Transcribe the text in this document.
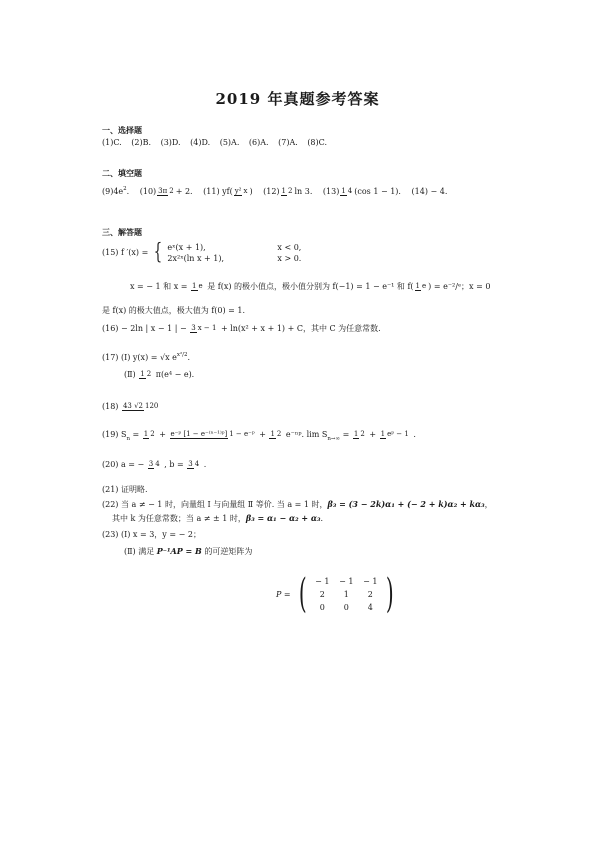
2019 年真题参考答案
一、选择题
(1)C. (2)B. (3)D. (4)D. (5)A. (6)A. (7)A. (8)C.
二、填空题
(9)4e2. (10) 3π 2 + 2. (11) yf( y² x ) (12) 1 2 ln 3. (13) 1 4 (cos 1 − 1). (14) − 4.
三、解答题
(15) f ′(x) = { eˣ(x + 1),	x < 0,
2x²ˣ(ln x + 1),	x > 0.
x = − 1 和 x = 1 e 是 f(x) 的极小值点，极小值分别为 f(−1) = 1 − e⁻¹ 和 f( 1 e ) = e⁻²/ᵉ；x = 0
是 f(x) 的极大值点，极大值为 f(0) = 1.
(16) − 2ln | x − 1 | − 3 x − 1 + ln(x² + x + 1) + C，其中 C 为任意常数.
(17) (Ⅰ) y(x) = √x ex²/2.
(Ⅱ) 1 2 π(e⁴ − e).
(18) 43 √2 120
(19) Sn = 1 2 + e⁻ᵖ [1 − e⁻⁽ⁿ⁻¹⁾ᵖ] 1 − e⁻ᵖ + 1 2 e⁻ⁿᵖ. lim Sn→∞ = 1 2 + 1 eᵖ − 1 .
(20) a = − 3 4 , b = 3 4 .
(21) 证明略.
(22) 当 a ≠ − 1 时，向量组 Ⅰ 与向量组 Ⅱ 等价. 当 a = 1 时，β₃ = (3 − 2k)α₁ + (− 2 + k)α₂ + kα₃，
其中 k 为任意常数；当 a ≠ ± 1 时，β₃ = α₁ − α₂ + α₃.
(23) (Ⅰ) x = 3，y = − 2；
(Ⅱ) 满足 P⁻¹AP = B 的可逆矩阵为
P = (	− 1	− 1	− 1
2	1	2
0	0	4 )
